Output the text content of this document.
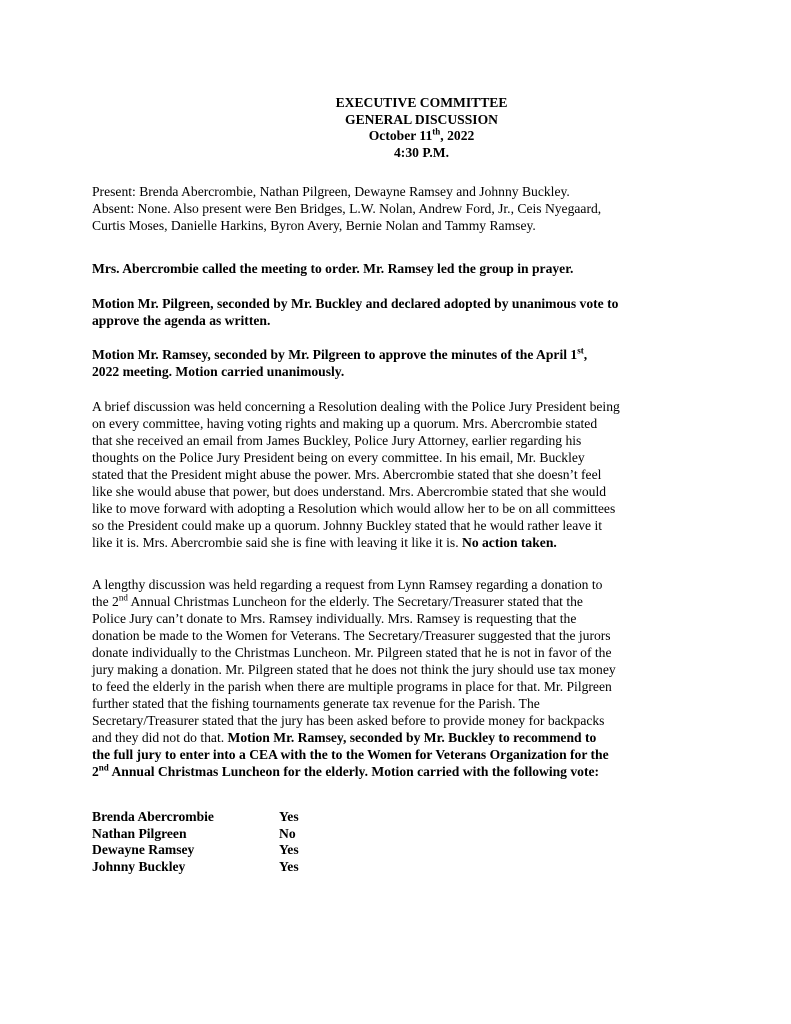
EXECUTIVE COMMITTEE
GENERAL DISCUSSION
October 11th, 2022
4:30 P.M.

Present: Brenda Abercrombie, Nathan Pilgreen, Dewayne Ramsey and Johnny Buckley.

Absent: None. Also present were Ben Bridges, L.W. Nolan, Andrew Ford, Jr., Ceis Nyegaard,

Curtis Moses, Danielle Harkins, Byron Avery, Bernie Nolan and Tammy Ramsey.

Mrs. Abercrombie called the meeting to order. Mr. Ramsey led the group in prayer.

Motion Mr. Pilgreen, seconded by Mr. Buckley and declared adopted by unanimous vote to

approve the agenda as written.

Motion Mr. Ramsey, seconded by Mr. Pilgreen to approve the minutes of the April 1st,

2022 meeting. Motion carried unanimously.

A brief discussion was held concerning a Resolution dealing with the Police Jury President being

on every committee, having voting rights and making up a quorum. Mrs. Abercrombie stated

that she received an email from James Buckley, Police Jury Attorney, earlier regarding his

thoughts on the Police Jury President being on every committee. In his email, Mr. Buckley

stated that the President might abuse the power. Mrs. Abercrombie stated that she doesn’t feel

like she would abuse that power, but does understand. Mrs. Abercrombie stated that she would

like to move forward with adopting a Resolution which would allow her to be on all committees

so the President could make up a quorum. Johnny Buckley stated that he would rather leave it

like it is. Mrs. Abercrombie said she is fine with leaving it like it is. No action taken.

A lengthy discussion was held regarding a request from Lynn Ramsey regarding a donation to

the 2nd Annual Christmas Luncheon for the elderly. The Secretary/Treasurer stated that the

Police Jury can’t donate to Mrs. Ramsey individually. Mrs. Ramsey is requesting that the

donation be made to the Women for Veterans. The Secretary/Treasurer suggested that the jurors

donate individually to the Christmas Luncheon. Mr. Pilgreen stated that he is not in favor of the

jury making a donation. Mr. Pilgreen stated that he does not think the jury should use tax money

to feed the elderly in the parish when there are multiple programs in place for that. Mr. Pilgreen

further stated that the fishing tournaments generate tax revenue for the Parish. The

Secretary/Treasurer stated that the jury has been asked before to provide money for backpacks

and they did not do that. Motion Mr. Ramsey, seconded by Mr. Buckley to recommend to

the full jury to enter into a CEA with the to the Women for Veterans Organization for the

2nd Annual Christmas Luncheon for the elderly. Motion carried with the following vote:

Brenda Abercrombie	Yes
Nathan Pilgreen	No
Dewayne Ramsey	Yes
Johnny Buckley	Yes
